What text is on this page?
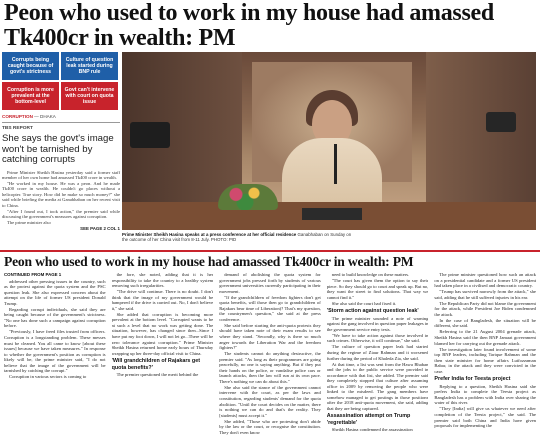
Peon who used to work in my house had amassed Tk400cr in wealth: PM
Corrupts being caught because of govt's strictness
Culture of question leak started during BNP rule
Corruption is more prevalent at the bottom-level
Govt can't intervene with court on quota issue
CORRUPTION — DHAKA
TBS REPORT
She says the govt's image won't be tarnished by catching corrupts

Prime Minister Sheikh Hasina yesterday said a former staff member of her own home had amassed Tk400 crore in wealth.

"He worked in my house. He was a peon. And he made Tk400 crore in wealth. He couldn't go places without a helicopter. True story. How did he make so much money?" she said while briefing the media at Ganabhaban on her recent visit to China.

"After I found out, I took action," the premier said while discussing the government's measures against corruption.

The prime minister also

SEE PAGE 2 COL 1
Prime Minister Sheikh Hasina speaks at a press conference at her official residence Ganabhaban on Sunday on the outcome of her China visit from 8-11 July. PHOTO: PID
Peon who used to work in my house had amassed Tk400cr in wealth: PM

CONTINUED FROM PAGE 1

addressed other pressing issues in the country, such as the protest against the quota system and the PSC question leak. She also expressed concern about the attempt on the life of former US president Donald Trump.

Regarding corrupt individuals, she said they are being caught because of the government's strictness. "No one has done such a campaign against corruption before.

"Previously, I have freed files trusted from officers. Corruption is a longstanding problem. These messes must be cleaned. You all came to know [about these issues] because we have taken measures." In response to whether the government's position as corruption is likely will be, the prime minister said, "I do not believe that the image of the government will be tarnished by catching the corrupt."

Corruption in various sectors is coming to

the fore, she noted, adding that it is her responsibility to take the country to a healthy system removing such irregularities.

"The drive will continue. There is no doubt. I don't think that the image of my government would be hampered if the drive is carried out. No, I don't believe it," she said.

She added that corruption is becoming more prevalent at the bottom level. "Corrupted wants to be at such a level that no work was getting done. The situation, however, has changed since then...Since I have put my foot down, I will not let go...There will be zero tolerance against corruption." Prime Minister Sheikh Hasina returned home early hours of Thursday wrapping up her three-day official visit to China.

'Will grandchildren of Rajakars get quota benefits?'

The premier questioned the merit behind the

demand of abolishing the quota system for government jobs pressed forth by students of various government universities currently participating in their movement.

"If the grandchildren of freedom fighters don't get quota benefits, will those then go to grandchildren of Rajakars bear time of Liberation)? That's my question, the countrymen's question," she said at the press conference.

She said before starting the anti-quota protests they should have taken note of their exam results to see where they stand. "Secondly, why is there so much anger towards the Liberation War and the freedom fighters?"

The students cannot do anything destructive, the premier said. "As long as their programmes are going peacefully, no one is saying anything. But if they put their hands on the police, or vandalise police cars or launch attacks, then the law will run at its own pace. There's nothing we can do about this."

She also said the stance of the government cannot intervene with the court, as per the laws and constitution, regarding students' demand for the quota abolition. "Until the court decides on the matter, there is nothing we can do and that's the reality. They [students] must accept it."

She added, "Those who are protesting don't abide by the law or the court, or recognise the constitution. They don't even know

need to build knowledge on these matters.

"The court has given them the option to say their piece. So they should go to court and speak up. But no, they want the street to find solutions. That way we cannot find it."

She also said the court had fixed it.

'Storm action against question leak'

The prime minister sounded a note of warning against the gang involved in question paper leakages in the government service entry tests.

"We have to take action against those involved in such crimes. Otherwise, it will continue," she said.

The culture of question paper leak had started during the regime of Ziaur Rahman and it worsened further during the period of Khaleda Zia, she said.

At that time, a list was sent from the Hawa Bhaban and the jobs to the public service were provided in accordance with that list, she added. The premier said they completely stopped that culture after assuming office in 2009 by removing the people who were linked to the misdeed. The gang members have somehow managed to get postings in those positions after the 2018 anti-quota movement, she said, adding that they are being captured.

Assassination attempt on Trump 'regrettable'

Sheikh Hasina condemned the assassination

The prime minister questioned how such an attack on a presidential candidate and a former US president had taken place in a civilised and democratic country.

"Trump has survived narrowly from the attack," she said, adding that he still suffered injuries in his ear.

The Republican Party did not blame the government for the attack, while President Joe Biden condemned the attack.

In the case of Bangladesh, the situation will be different, she said.

Referring to the 21 August 2004 grenade attack, Sheikh Hasina said the then BNP Jamaat government blamed her for carrying out the grenade attack.

The investigation later found involvement of some top BNP leaders, including Tarique Rahman and the then state minister for home affairs Lutfozzaman Babar, in the attack and they were convicted in the case.

Prefer India for Teesta project

Replying to a question, Sheikh Hasina said she prefers India to complete the Teesta project as Bangladesh has a problem with India over sharing the water of this river.

"They [India] will give us whatever we need after completion of the Teesta project," she said. The premier said both China and India have given proposals for implementing the
